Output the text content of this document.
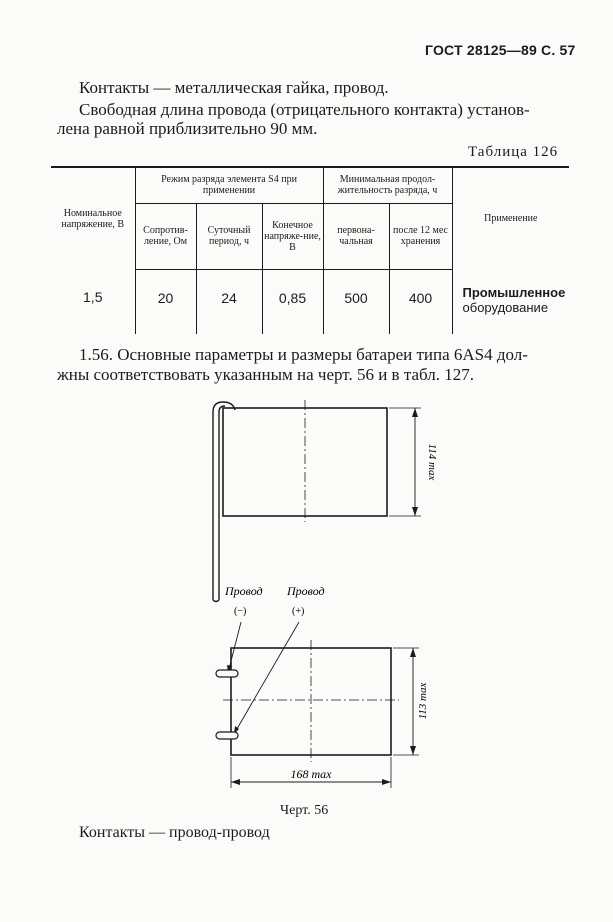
ГОСТ 28125—89 С. 57
Контакты — металлическая гайка, провод.
Свободная длина провода (отрицательного контакта) установ-
лена равной приблизительно 90 мм.
Таблица 126
Номинальное напряжение, В	Режим разряда элемента S4 при применении			Минимальная продол-жительность разряда, ч		Применение
	Сопротив-ление, Ом	Суточный период, ч	Конечное напряже-ние, В	первона-чальная	после 12 мес хранения	
1,5	20	24	0,85	500	400	Промышленное
оборудование
1.56. Основные параметры и размеры батареи типа 6AS4 дол-
жны соответствовать указанным на черт. 56 и в табл. 127.
114 max
Провод
(−)
Провод
(+)
113 max
168 max
Черт. 56
Контакты — провод-провод
